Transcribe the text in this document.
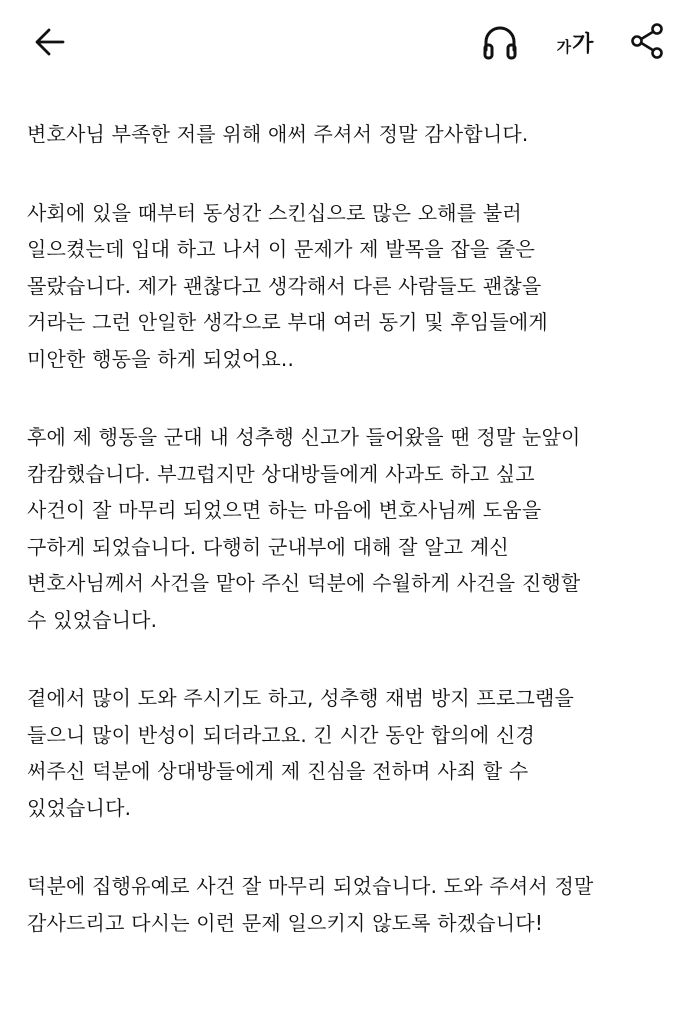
가 가
변호사님 부족한 저를 위해 애써 주셔서 정말 감사합니다.
사회에 있을 때부터 동성간 스킨십으로 많은 오해를 불러
일으켰는데 입대 하고 나서 이 문제가 제 발목을 잡을 줄은
몰랐습니다. 제가 괜찮다고 생각해서 다른 사람들도 괜찮을
거라는 그런 안일한 생각으로 부대 여러 동기 및 후임들에게
미안한 행동을 하게 되었어요..
후에 제 행동을 군대 내 성추행 신고가 들어왔을 땐 정말 눈앞이
캄캄했습니다. 부끄럽지만 상대방들에게 사과도 하고 싶고
사건이 잘 마무리 되었으면 하는 마음에 변호사님께 도움을
구하게 되었습니다. 다행히 군내부에 대해 잘 알고 계신
변호사님께서 사건을 맡아 주신 덕분에 수월하게 사건을 진행할
수 있었습니다.
곁에서 많이 도와 주시기도 하고, 성추행 재범 방지 프로그램을
들으니 많이 반성이 되더라고요. 긴 시간 동안 합의에 신경
써주신 덕분에 상대방들에게 제 진심을 전하며 사죄 할 수
있었습니다.
덕분에 집행유예로 사건 잘 마무리 되었습니다. 도와 주셔서 정말
감사드리고 다시는 이런 문제 일으키지 않도록 하겠습니다!
